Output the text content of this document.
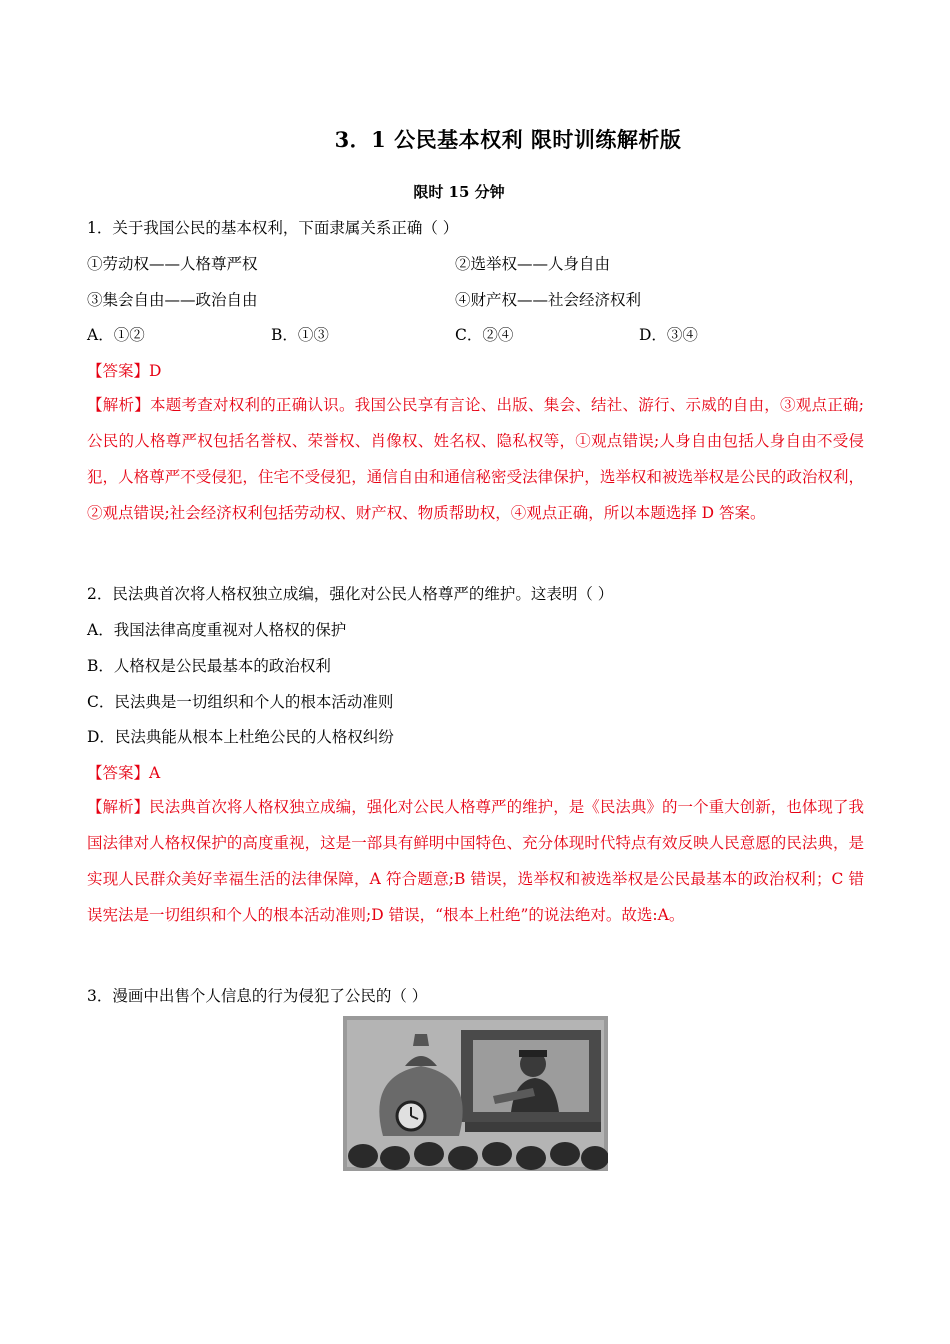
3．1 公民基本权利 限时训练解析版
限时 15 分钟
1．关于我国公民的基本权利，下面隶属关系正确（ ）
①劳动权——人格尊严权	②选举权——人身自由
③集会自由——政治自由	④财产权——社会经济权利
A．①②	B．①③	C．②④	D．③④
【答案】D
【解析】本题考查对权利的正确认识。我国公民享有言论、出版、集会、结社、游行、示威的自由，③观点正确;公民的人格尊严权包括名誉权、荣誉权、肖像权、姓名权、隐私权等，①观点错误;人身自由包括人身自由不受侵犯，人格尊严不受侵犯，住宅不受侵犯，通信自由和通信秘密受法律保护，选举权和被选举权是公民的政治权利，②观点错误;社会经济权利包括劳动权、财产权、物质帮助权，④观点正确，所以本题选择 D 答案。
2．民法典首次将人格权独立成编，强化对公民人格尊严的维护。这表明（ ）
A．我国法律高度重视对人格权的保护
B．人格权是公民最基本的政治权利
C．民法典是一切组织和个人的根本活动准则
D．民法典能从根本上杜绝公民的人格权纠纷
【答案】A
【解析】民法典首次将人格权独立成编，强化对公民人格尊严的维护，是《民法典》的一个重大创新，也体现了我国法律对人格权保护的高度重视，这是一部具有鲜明中国特色、充分体现时代特点有效反映人民意愿的民法典，是实现人民群众美好幸福生活的法律保障，A 符合题意;B 错误，选举权和被选举权是公民最基本的政治权利；C 错误宪法是一切组织和个人的根本活动准则;D 错误，“根本上杜绝”的说法绝对。故选:A。
3．漫画中出售个人信息的行为侵犯了公民的（ ）
